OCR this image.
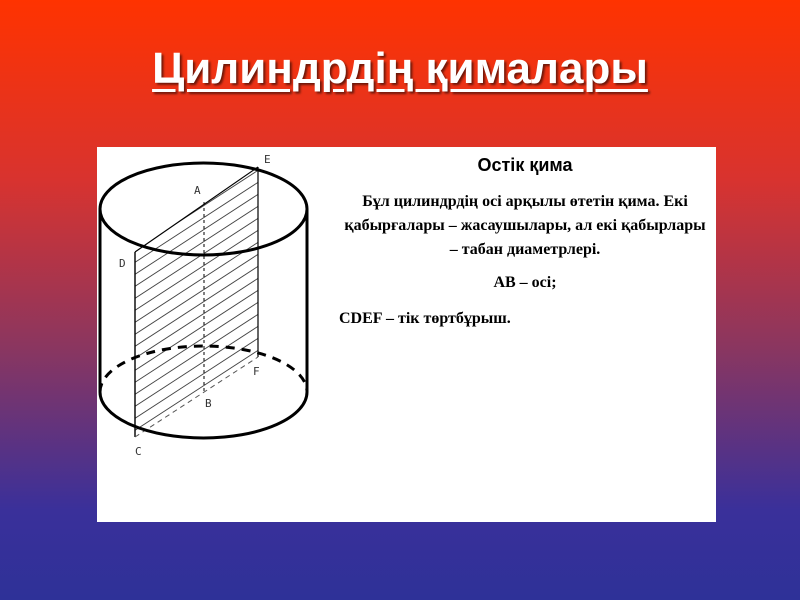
Цилиндрдің қималары
E
A
D
F
B
C
Остік қима
Бұл цилиндрдің осі арқылы өтетін қима. Екі қабырғалары – жасаушылары, ал екі қабырлары – табан диаметрлері.
AB – осі;
CDEF – тік төртбұрыш.
